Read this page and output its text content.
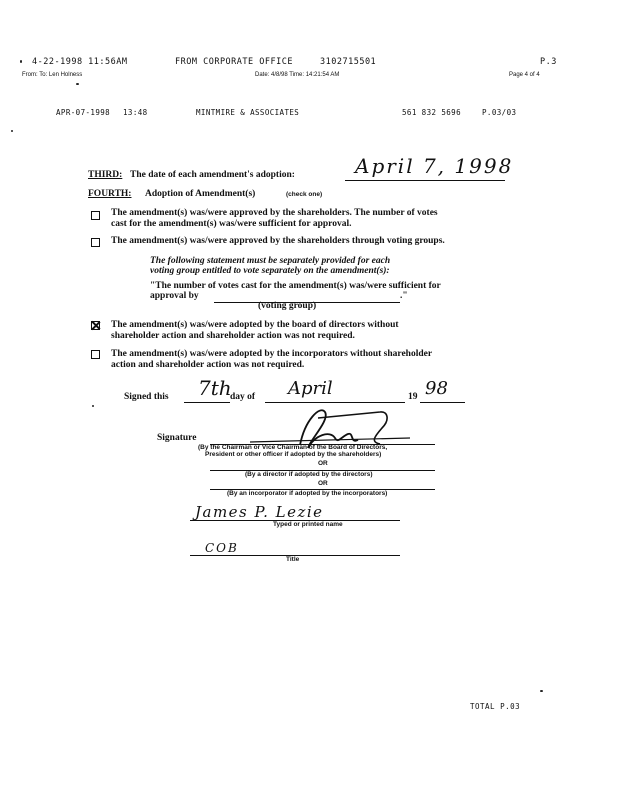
4-22-1998 11:56AM	FROM CORPORATE OFFICE	3102715501	P.3
From: To: Len Holness	Date: 4/8/98 Time: 14:21:54 AM	Page 4 of 4
APR-07-1998 13:48	MINTMIRE & ASSOCIATES	561 832 5696	P.03/03
THIRD: The date of each amendment's adoption:	April 7, 1998
FOURTH: Adoption of Amendment(s)	(check one)
The amendment(s) was/were approved by the shareholders. The number of votes
cast for the amendment(s) was/were sufficient for approval.
The amendment(s) was/were approved by the shareholders through voting groups.
The following statement must be separately provided for each
voting group entitled to vote separately on the amendment(s):
"The number of votes cast for the amendment(s) was/were sufficient for
approval by	."
(voting group)
The amendment(s) was/were adopted by the board of directors without
shareholder action and shareholder action was not required.
The amendment(s) was/were adopted by the incorporators without shareholder
action and shareholder action was not required.
Signed this 7th
day of April	19 98
Signature
(By the Chairman or Vice Chairman of the Board of Directors,
President or other officer if adopted by the shareholders)
OR
(By a director if adopted by the directors)
OR
(By an incorporator if adopted by the incorporators)
James P. Lezie
Typed or printed name
COB
Title
TOTAL P.03
